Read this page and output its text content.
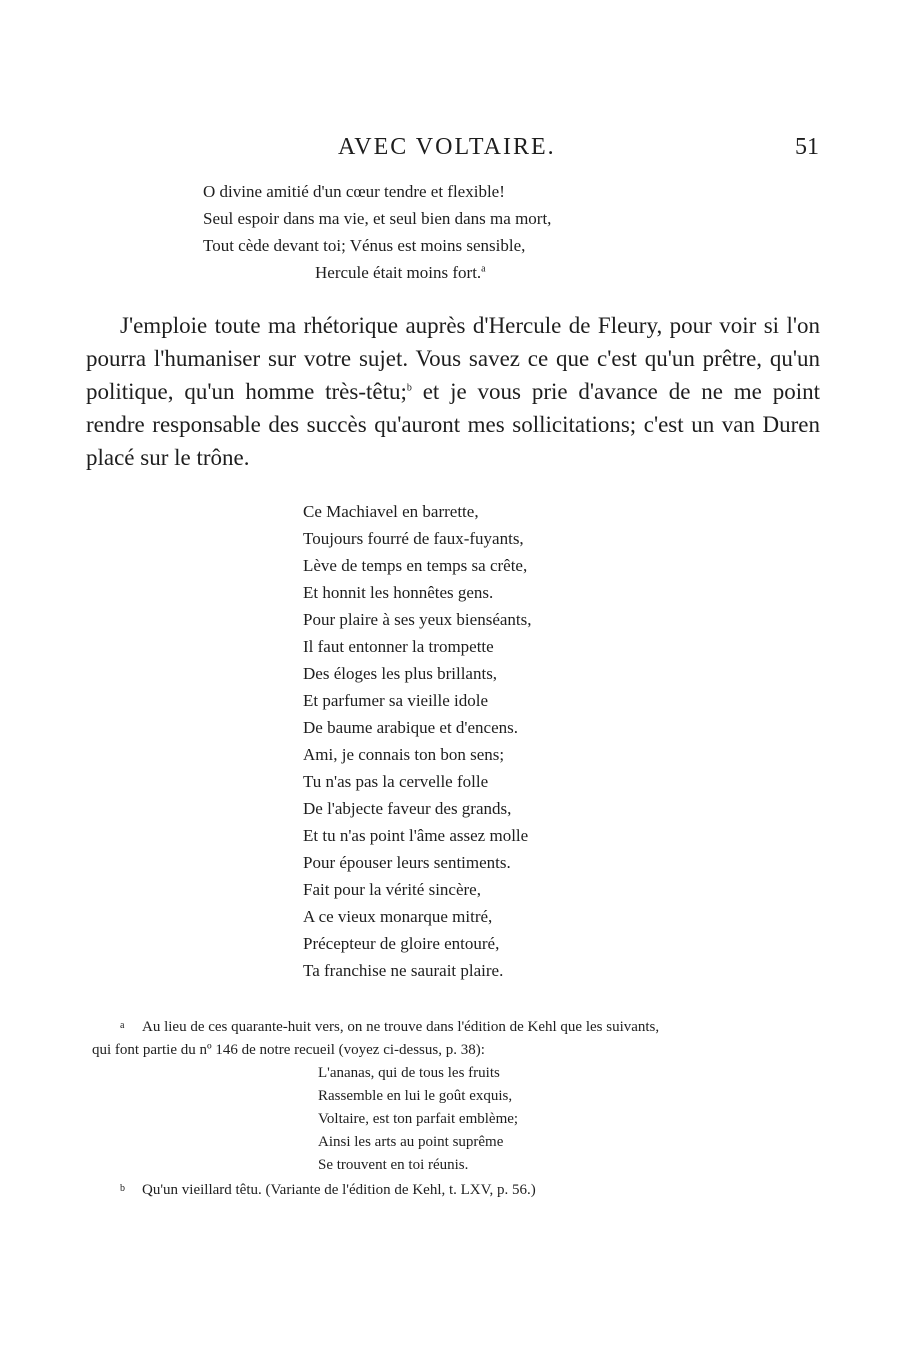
AVEC VOLTAIRE.	51
O divine amitié d'un cœur tendre et flexible!
Seul espoir dans ma vie, et seul bien dans ma mort,
Tout cède devant toi; Vénus est moins sensible,
Hercule était moins fort.$^a$

J'emploie toute ma rhétorique auprès d'Hercule de Fleury, pour voir si l'on pourra l'humaniser sur votre sujet. Vous savez ce que c'est qu'un prêtre, qu'un politique, qu'un homme très-têtu;$^b$ et je vous prie d'avance de ne me point rendre responsable des succès qu'auront mes sollicitations; c'est un van Duren placé sur le trône.

Ce Machiavel en barrette,
Toujours fourré de faux-fuyants,
Lève de temps en temps sa crête,
Et honnit les honnêtes gens.
Pour plaire à ses yeux bienséants,
Il faut entonner la trompette
Des éloges les plus brillants,
Et parfumer sa vieille idole
De baume arabique et d'encens.
Ami, je connais ton bon sens;
Tu n'as pas la cervelle folle
De l'abjecte faveur des grands,
Et tu n'as point l'âme assez molle
Pour épouser leurs sentiments.
Fait pour la vérité sincère,
A ce vieux monarque mitré,
Précepteur de gloire entouré,
Ta franchise ne saurait plaire.
a Au lieu de ces quarante-huit vers, on ne trouve dans l'édition de Kehl que les suivants,
qui font partie du nº 146 de notre recueil (voyez ci-dessus, p. 38):
L'ananas, qui de tous les fruits
Rassemble en lui le goût exquis,
Voltaire, est ton parfait emblème;
Ainsi les arts au point suprême
Se trouvent en toi réunis.
b Qu'un vieillard têtu. (Variante de l'édition de Kehl, t. LXV, p. 56.)
